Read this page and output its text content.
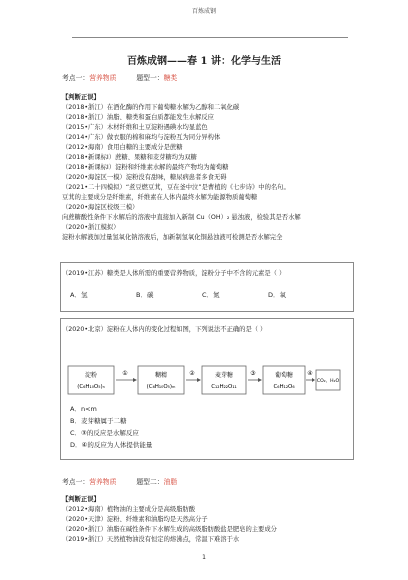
百炼成钢
百炼成钢——春 1 讲：化学与生活
考点一：营养物质	题型一：糖类
【判断正误】
（2018•浙江）在酒化酶的作用下葡萄糖水解为乙醇和二氧化碳
（2018•浙江）油脂、糖类和蛋白质都能发生水解反应
（2015•广东）木材纤维和土豆淀粉遇碘水均显蓝色
（2014•广东）做衣服的棉和麻均与淀粉互为同分异构体
（2012•海南）食用白糖的主要成分是蔗糖
（2018•新课标Ⅰ）蔗糖、果糖和麦芽糖均为双糖
（2018•新课标Ⅰ）淀粉和纤维素水解的最终产物均为葡萄糖
（2020•海淀区一模）淀粉没有甜味，糖尿病患者多食无碍
（2021•二十四模拟）“煮豆燃豆萁，豆在釜中泣”是曹植的《七步诗》中的名句。
豆萁的主要成分是纤维素，纤维素在人体内最终水解为能源物质葡萄糖
（2020•海淀区校级三模）
向蔗糖酸性条件下水解后的溶液中直接加入新制 Cu（OH）₂ 悬浊液，检验其是否水解
（2020•浙江模拟）
淀粉水解液加过量氢氧化钠溶液后，加新制氢氧化铜悬浊液可检测是否水解完全
（2019•江苏）糖类是人体所需的重要营养物质，淀粉分子中不含的元素是（ ）
A．氢	B．碳	C．氮	D．氧
（2020•北京）淀粉在人体内的变化过程如图，下列说法不正确的是（ ）
淀粉
(C₆H₁₀O₅)ₙ
①	糊精
(C₆H₁₀O₅)ₘ
②	麦芽糖
C₁₂H₂₂O₁₁
③	葡萄糖
C₆H₁₂O₆
④
CO₂、H₂O
A．n<m
B．麦芽糖属于二糖
C．③的反应是水解反应
D．④的反应为人体提供能量
考点一：营养物质	题型二：油脂
【判断正误】
（2012•海南）植物油的主要成分是高级脂肪酸
（2020•天津）淀粉、纤维素和油脂均是天然高分子
（2020•浙江）油脂在碱性条件下水解生成的高级脂肪酸盐是肥皂的主要成分
（2019•浙江）天然植物油没有恒定的熔沸点，常温下难溶于水
1
